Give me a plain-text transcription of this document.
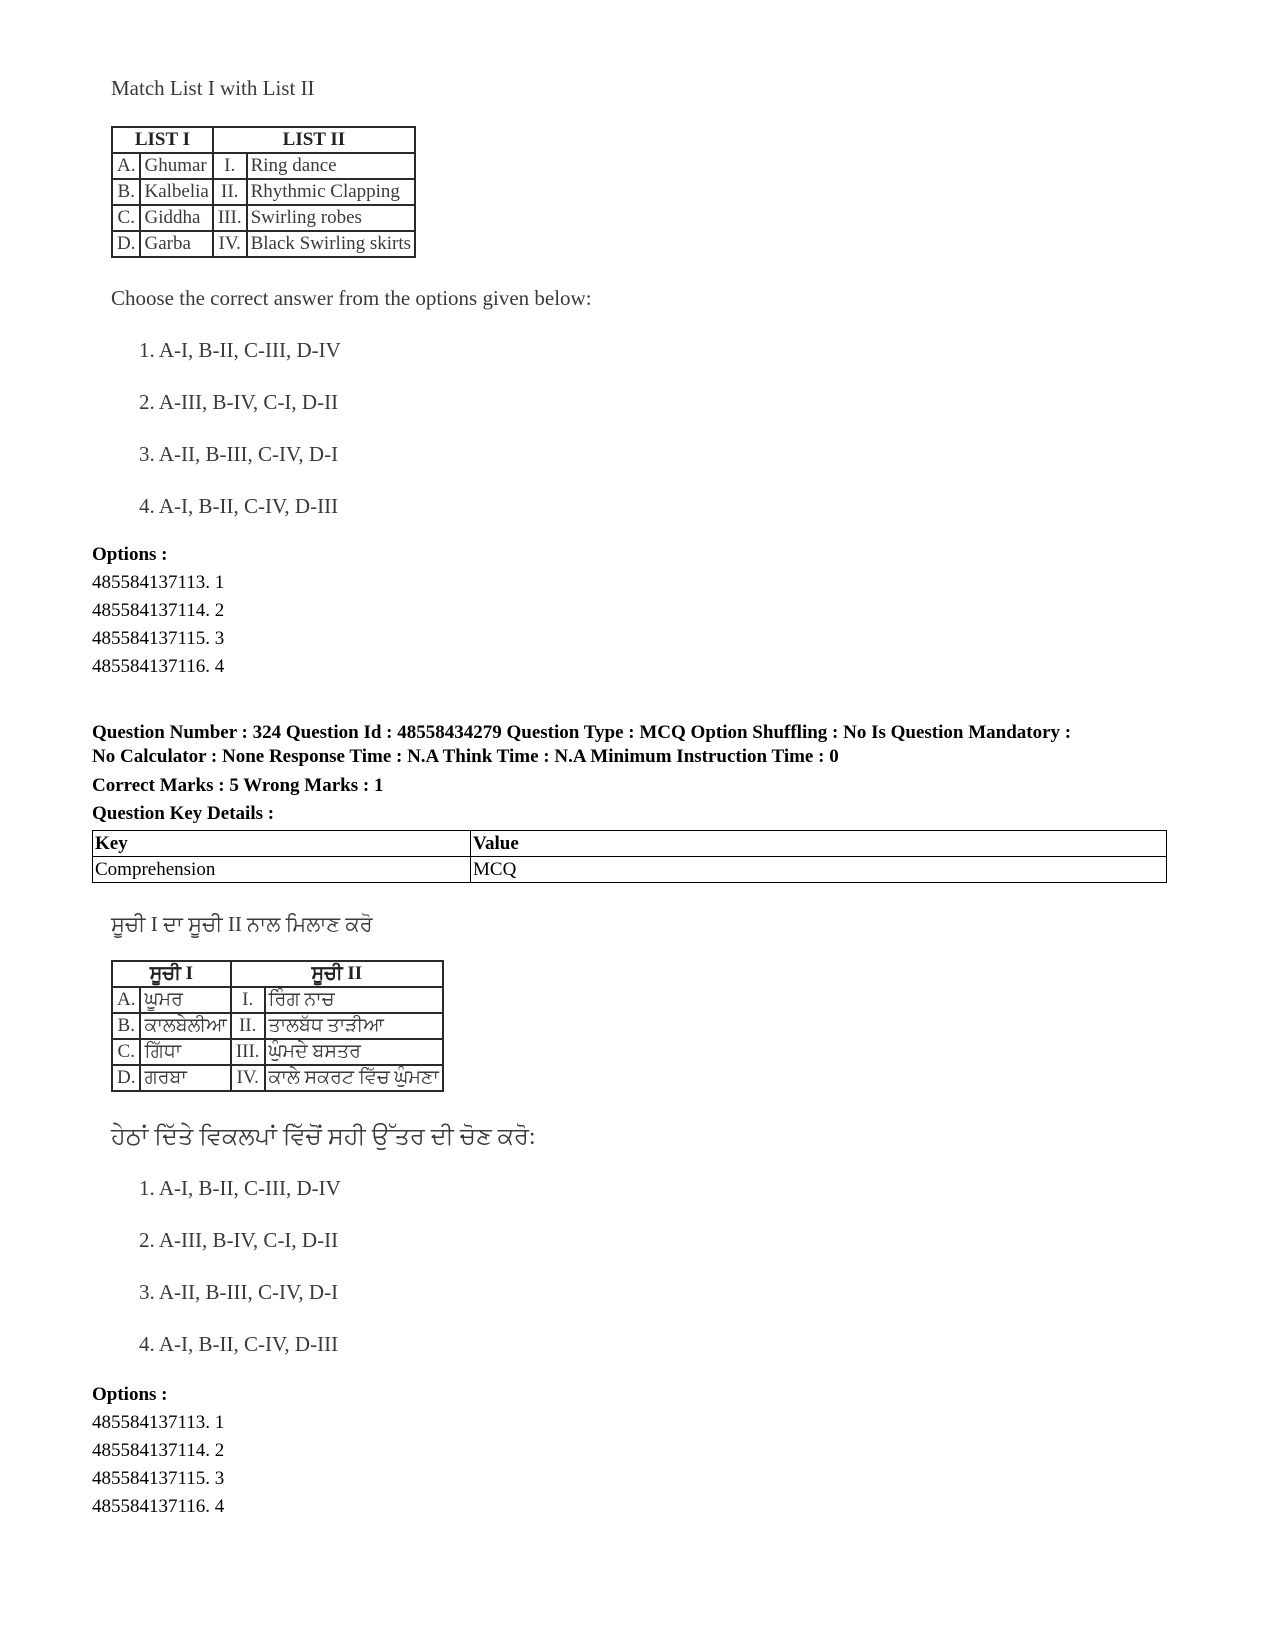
Match List I with List II
LIST I		LIST II	
A.	Ghumar	I.	Ring dance
B.	Kalbelia	II.	Rhythmic Clapping
C.	Giddha	III.	Swirling robes
D.	Garba	IV.	Black Swirling skirts
Choose the correct answer from the options given below:
1. A-I, B-II, C-III, D-IV
2. A-III, B-IV, C-I, D-II
3. A-II, B-III, C-IV, D-I
4. A-I, B-II, C-IV, D-III
Options :
485584137113. 1
485584137114. 2
485584137115. 3
485584137116. 4
Question Number : 324 Question Id : 48558434279 Question Type : MCQ Option Shuffling : No Is Question Mandatory :
No Calculator : None Response Time : N.A Think Time : N.A Minimum Instruction Time : 0
Correct Marks : 5 Wrong Marks : 1
Question Key Details :
Key	Value
Comprehension	MCQ
ਸੂਚੀ I ਦਾ ਸੂਚੀ II ਨਾਲ ਮਿਲਾਣ ਕਰੋ
ਸੂਚੀ I		ਸੂਚੀ II	
A.	ਘੂਮਰ	I.	ਰਿੰਗ ਨਾਚ
B.	ਕਾਲਬੇਲੀਆ	II.	ਤਾਲਬੱਧ ਤਾੜੀਆ
C.	ਗਿੱਧਾ	III.	ਘੁੰਮਦੇ ਬਸਤਰ
D.	ਗਰਬਾ	IV.	ਕਾਲੇ ਸਕਰਟ ਵਿੱਚ ਘੁੰਮਣਾ
ਹੇਠਾਂ ਦਿੱਤੇ ਵਿਕਲਪਾਂ ਵਿੱਚੋਂ ਸਹੀ ਉੱਤਰ ਦੀ ਚੋਣ ਕਰੋ:
1. A-I, B-II, C-III, D-IV
2. A-III, B-IV, C-I, D-II
3. A-II, B-III, C-IV, D-I
4. A-I, B-II, C-IV, D-III
Options :
485584137113. 1
485584137114. 2
485584137115. 3
485584137116. 4
